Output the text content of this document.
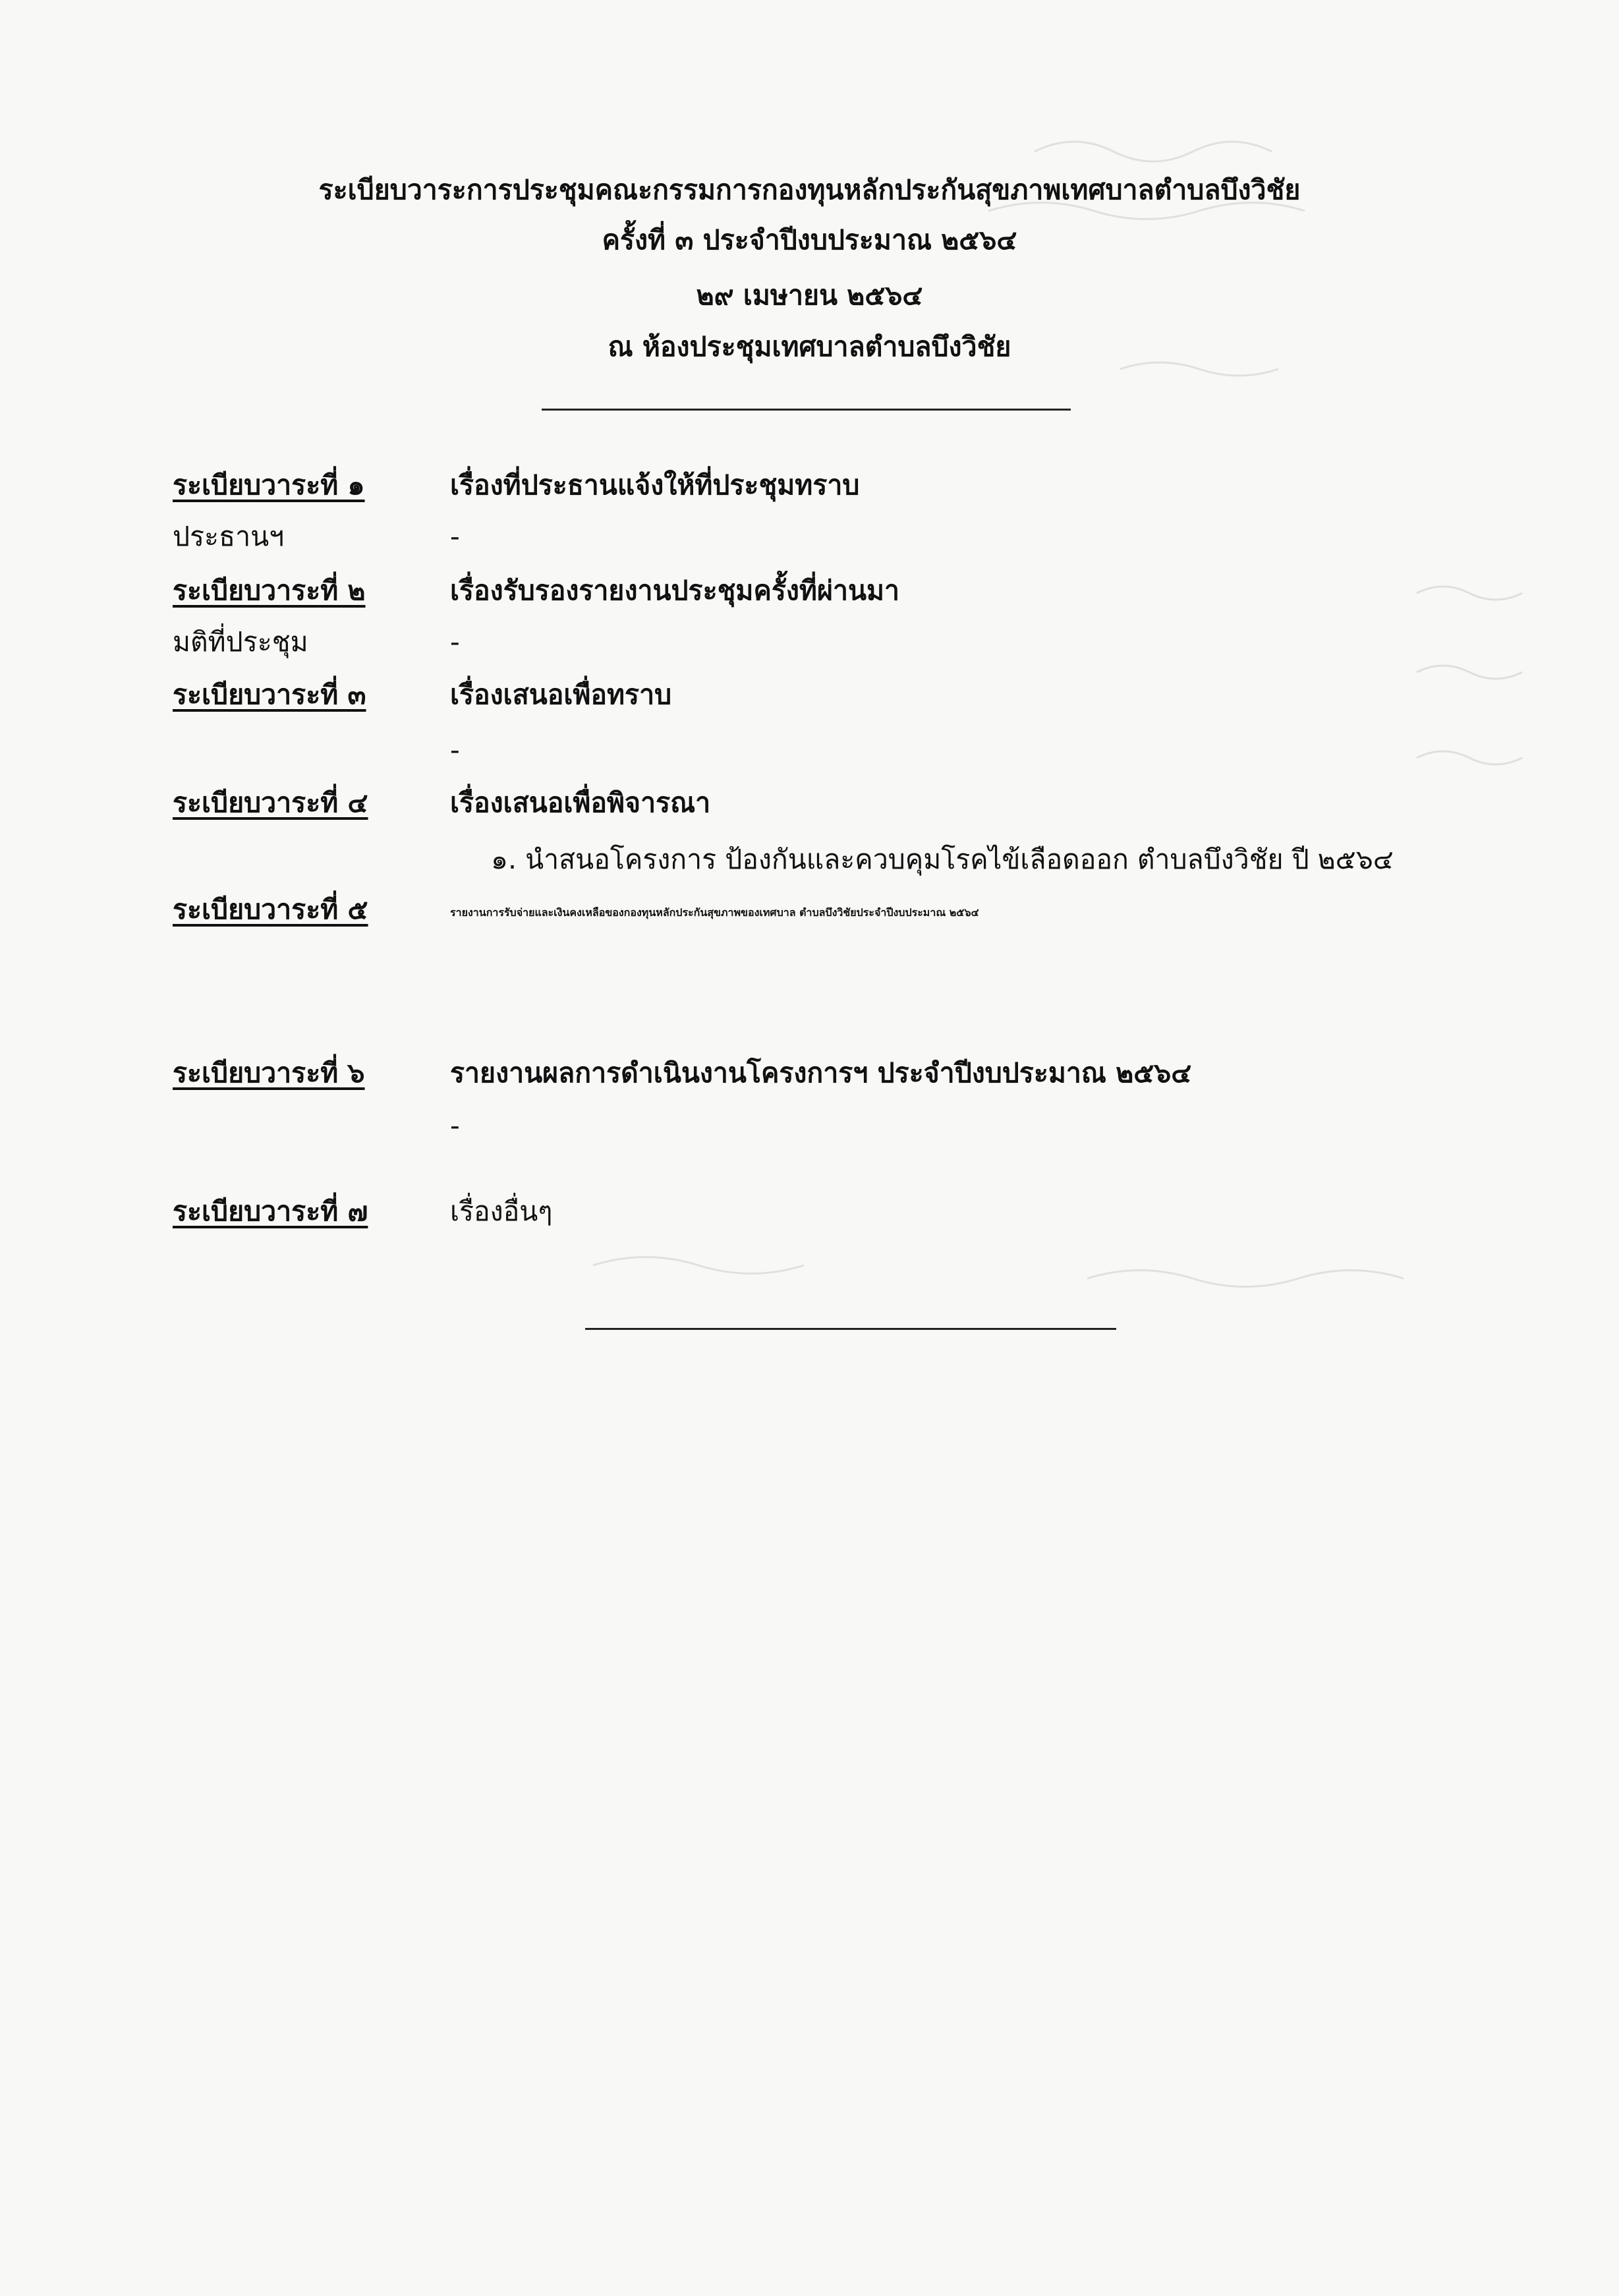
ระเบียบวาระการประชุมคณะกรรมการกองทุนหลักประกันสุขภาพเทศบาลตำบลบึงวิชัย
ครั้งที่ ๓ ประจำปีงบประมาณ ๒๕๖๔
๒๙ เมษายน ๒๕๖๔
ณ ห้องประชุมเทศบาลตำบลบึงวิชัย
ระเบียบวาระที่ ๑	เรื่องที่ประธานแจ้งให้ที่ประชุมทราบ
ประธานฯ	-
ระเบียบวาระที่ ๒	เรื่องรับรองรายงานประชุมครั้งที่ผ่านมา
มติที่ประชุม	-
ระเบียบวาระที่ ๓	เรื่องเสนอเพื่อทราบ
-
ระเบียบวาระที่ ๔	เรื่องเสนอเพื่อพิจารณา
๑. นำสนอโครงการ ป้องกันและควบคุมโรคไข้เลือดออก ตำบลบึงวิชัย ปี ๒๕๖๔
ระเบียบวาระที่ ๕	รายงานการรับจ่ายและเงินคงเหลือของกองทุนหลักประกันสุขภาพของเทศบาล ตำบลบึงวิชัยประจำปีงบประมาณ ๒๕๖๔
ระเบียบวาระที่ ๖	รายงานผลการดำเนินงานโครงการฯ ประจำปีงบประมาณ ๒๕๖๔
-
ระเบียบวาระที่ ๗	เรื่องอื่นๆ
